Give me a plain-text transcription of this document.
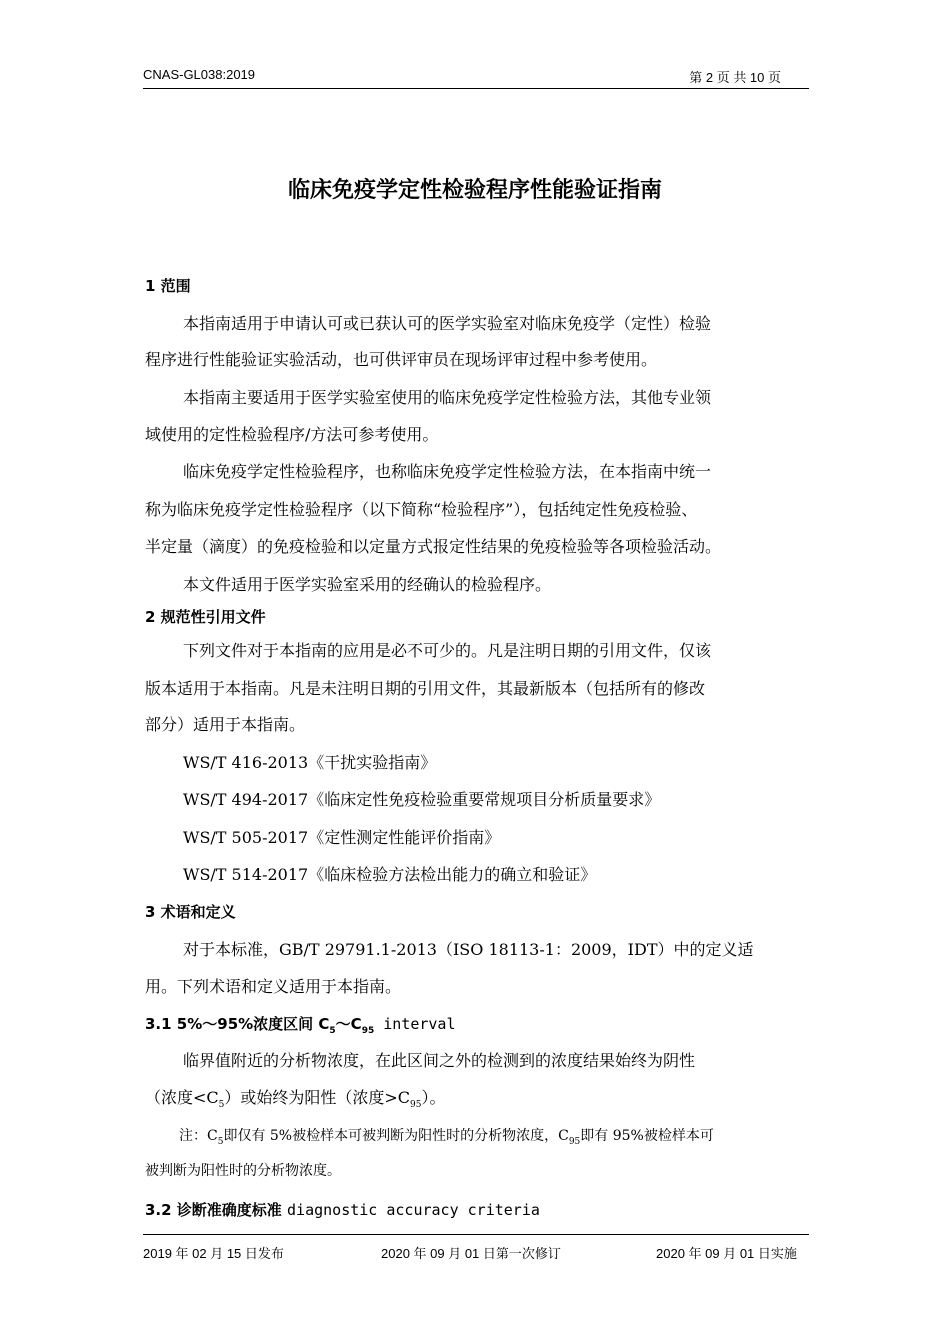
CNAS-GL038:2019	第 2 页 共 10 页
临床免疫学定性检验程序性能验证指南
1 范围
本指南适用于申请认可或已获认可的医学实验室对临床免疫学（定性）检验
程序进行性能验证实验活动，也可供评审员在现场评审过程中参考使用。
本指南主要适用于医学实验室使用的临床免疫学定性检验方法，其他专业领
域使用的定性检验程序/方法可参考使用。
临床免疫学定性检验程序，也称临床免疫学定性检验方法，在本指南中统一
称为临床免疫学定性检验程序（以下简称“检验程序”），包括纯定性免疫检验、
半定量（滴度）的免疫检验和以定量方式报定性结果的免疫检验等各项检验活动。
本文件适用于医学实验室采用的经确认的检验程序。
2 规范性引用文件
下列文件对于本指南的应用是必不可少的。凡是注明日期的引用文件，仅该
版本适用于本指南。凡是未注明日期的引用文件，其最新版本（包括所有的修改
部分）适用于本指南。
WS/T 416-2013《干扰实验指南》
WS/T 494-2017《临床定性免疫检验重要常规项目分析质量要求》
WS/T 505-2017《定性测定性能评价指南》
WS/T 514-2017《临床检验方法检出能力的确立和验证》
3 术语和定义
对于本标准，GB/T 29791.1-2013（ISO 18113-1：2009，IDT）中的定义适
用。下列术语和定义适用于本指南。
3.1 5%～95%浓度区间 $C_5\sim C_{95}$ interval
临界值附近的分析物浓度，在此区间之外的检测到的浓度结果始终为阴性
（浓度$<C_5$）或始终为阳性（浓度$>C_{95}$）。
注：$C_5$即仅有 5%被检样本可被判断为阳性时的分析物浓度，$C_{95}$即有 95%被检样本可
被判断为阳性时的分析物浓度。
3.2 诊断准确度标准 diagnostic accuracy criteria
2019 年 02 月 15 日发布	2020 年 09 月 01 日第一次修订	2020 年 09 月 01 日实施
